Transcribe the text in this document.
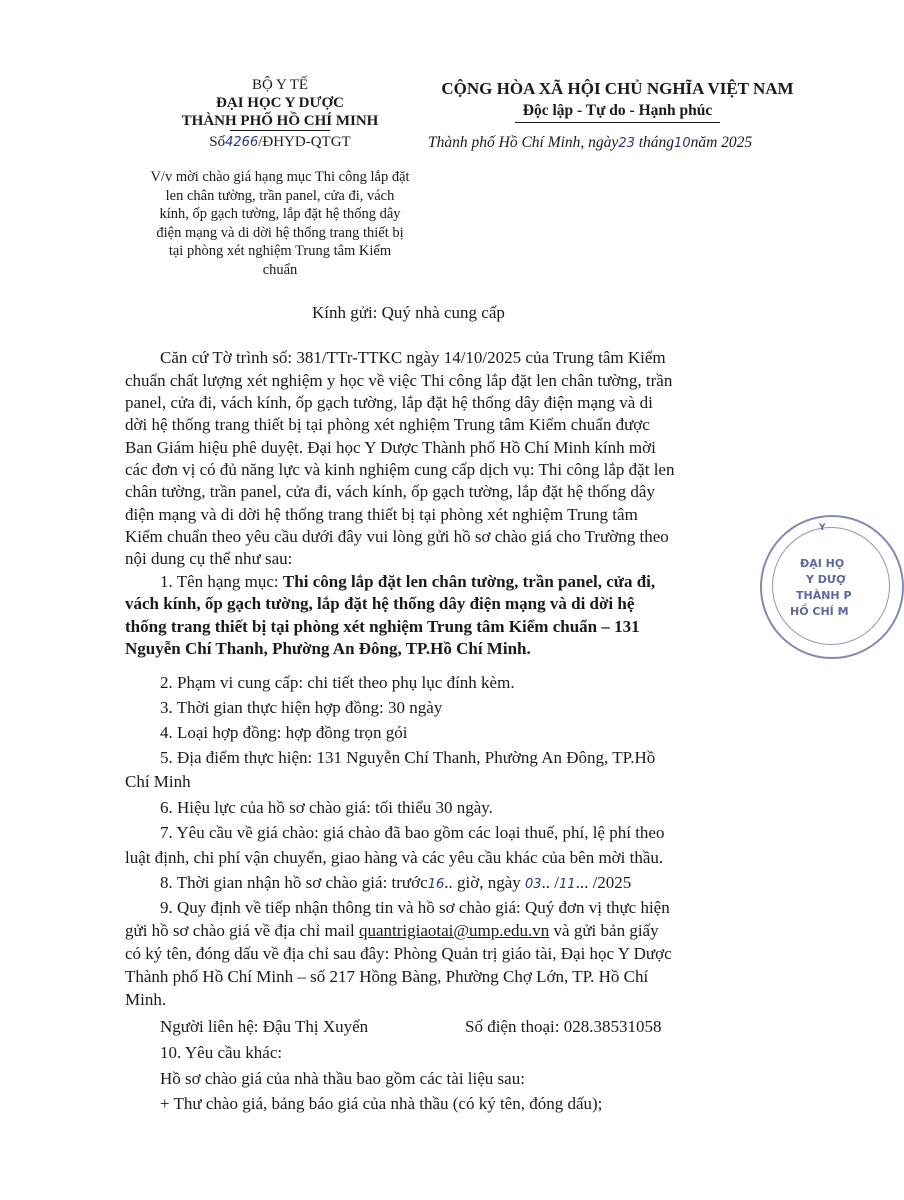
BỘ Y TẾ
ĐẠI HỌC Y DƯỢC
THÀNH PHỐ HỒ CHÍ MINH
Số4266/ĐHYD-QTGT
V/v mời chào giá hạng mục Thi công lắp đặt
len chân tường, trần panel, cửa đi, vách
kính, ốp gạch tường, lắp đặt hệ thống dây
điện mạng và di dời hệ thống trang thiết bị
tại phòng xét nghiệm Trung tâm Kiểm
chuẩn
CỘNG HÒA XÃ HỘI CHỦ NGHĨA VIỆT NAM
Độc lập - Tự do - Hạnh phúc
Thành phố Hồ Chí Minh, ngày23 tháng10năm 2025
Kính gửi: Quý nhà cung cấp
Căn cứ Tờ trình số: 381/TTr-TTKC ngày 14/10/2025 của Trung tâm Kiểm
chuẩn chất lượng xét nghiệm y học về việc Thi công lắp đặt len chân tường, trần
panel, cửa đi, vách kính, ốp gạch tường, lắp đặt hệ thống dây điện mạng và di
dời hệ thống trang thiết bị tại phòng xét nghiệm Trung tâm Kiểm chuẩn được
Ban Giám hiệu phê duyệt. Đại học Y Dược Thành phố Hồ Chí Minh kính mời
các đơn vị có đủ năng lực và kinh nghiệm cung cấp dịch vụ: Thi công lắp đặt len
chân tường, trần panel, cửa đi, vách kính, ốp gạch tường, lắp đặt hệ thống dây
điện mạng và di dời hệ thống trang thiết bị tại phòng xét nghiệm Trung tâm
Kiểm chuẩn theo yêu cầu dưới đây vui lòng gửi hồ sơ chào giá cho Trường theo
nội dung cụ thể như sau:
1. Tên hạng mục: Thi công lắp đặt len chân tường, trần panel, cửa đi,
vách kính, ốp gạch tường, lắp đặt hệ thống dây điện mạng và di dời hệ
thống trang thiết bị tại phòng xét nghiệm Trung tâm Kiểm chuẩn – 131
Nguyễn Chí Thanh, Phường An Đông, TP.Hồ Chí Minh.
2. Phạm vi cung cấp: chi tiết theo phụ lục đính kèm.
3. Thời gian thực hiện hợp đồng: 30 ngày
4. Loại hợp đồng: hợp đồng trọn gói
5. Địa điểm thực hiện: 131 Nguyễn Chí Thanh, Phường An Đông, TP.Hồ
Chí Minh
6. Hiệu lực của hồ sơ chào giá: tối thiểu 30 ngày.
7. Yêu cầu về giá chào: giá chào đã bao gồm các loại thuế, phí, lệ phí theo
luật định, chi phí vận chuyển, giao hàng và các yêu cầu khác của bên mời thầu.
8. Thời gian nhận hồ sơ chào giá: trước16.. giờ, ngày 03.. /11... /2025
9. Quy định về tiếp nhận thông tin và hồ sơ chào giá: Quý đơn vị thực hiện
gửi hồ sơ chào giá về địa chỉ mail quantrigiaotai@ump.edu.vn và gửi bản giấy
có ký tên, đóng dấu về địa chỉ sau đây: Phòng Quản trị giáo tài, Đại học Y Dược
Thành phố Hồ Chí Minh – số 217 Hồng Bàng, Phường Chợ Lớn, TP. Hồ Chí
Minh.
Người liên hệ: Đậu Thị Xuyến	Số điện thoại: 028.38531058
10. Yêu cầu khác:
Hồ sơ chào giá của nhà thầu bao gồm các tài liệu sau:
+ Thư chào giá, bảng báo giá của nhà thầu (có ký tên, đóng dấu);
Y
ĐẠI HỌ
Y DƯỢ
THÀNH P
HỒ CHÍ M
